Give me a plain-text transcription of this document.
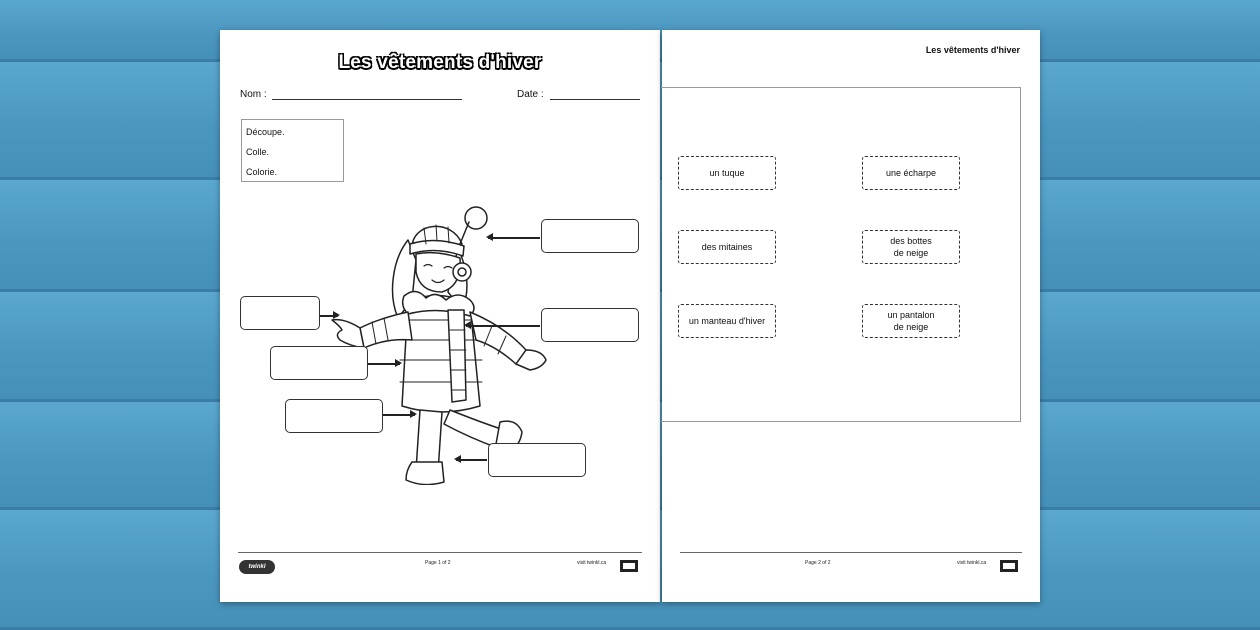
Les vêtements d'hiver
Nom :	Date :
Découpe.
Colle.
Colorie.
twinkl
Page 1 of 2	visit twinkl.ca
Les vêtements d'hiver
un tuque	une écharpe
des mitaines
des bottes
de neige
un manteau d'hiver
un pantalon
de neige
Page 2 of 2	visit twinkl.ca
